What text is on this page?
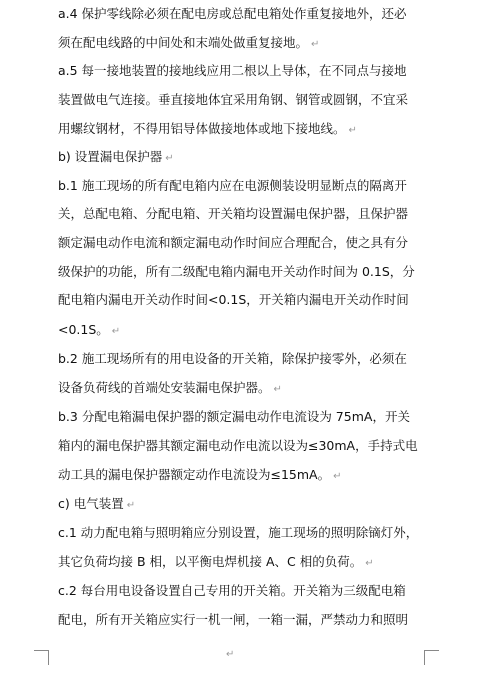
a.4 保护零线除必须在配电房或总配电箱处作重复接地外，还必
须在配电线路的中间处和末端处做重复接地。 ↵
a.5 每一接地装置的接地线应用二根以上导体，在不同点与接地
装置做电气连接。垂直接地体宜采用角钢、钢管或圆钢，不宜采
用螺纹钢材，不得用铝导体做接地体或地下接地线。 ↵
b) 设置漏电保护器 ↵
b.1 施工现场的所有配电箱内应在电源侧装设明显断点的隔离开
关，总配电箱、分配电箱、开关箱均设置漏电保护器，且保护器
额定漏电动作电流和额定漏电动作时间应合理配合，使之具有分
级保护的功能，所有二级配电箱内漏电开关动作时间为 0.1S，分
配电箱内漏电开关动作时间<0.1S，开关箱内漏电开关动作时间
<0.1S。 ↵
b.2 施工现场所有的用电设备的开关箱，除保护接零外，必须在
设备负荷线的首端处安装漏电保护器。 ↵
b.3 分配电箱漏电保护器的额定漏电动作电流设为 75mA，开关
箱内的漏电保护器其额定漏电动作电流以设为≤30mA，手持式电
动工具的漏电保护器额定动作电流设为≤15mA。 ↵
c) 电气装置 ↵
c.1 动力配电箱与照明箱应分别设置，施工现场的照明除镝灯外，
其它负荷均接 B 相，以平衡电焊机接 A、C 相的负荷。 ↵
c.2 每台用电设备设置自己专用的开关箱。开关箱为三级配电箱
配电，所有开关箱应实行一机一闸，一箱一漏，严禁动力和照明
↵
